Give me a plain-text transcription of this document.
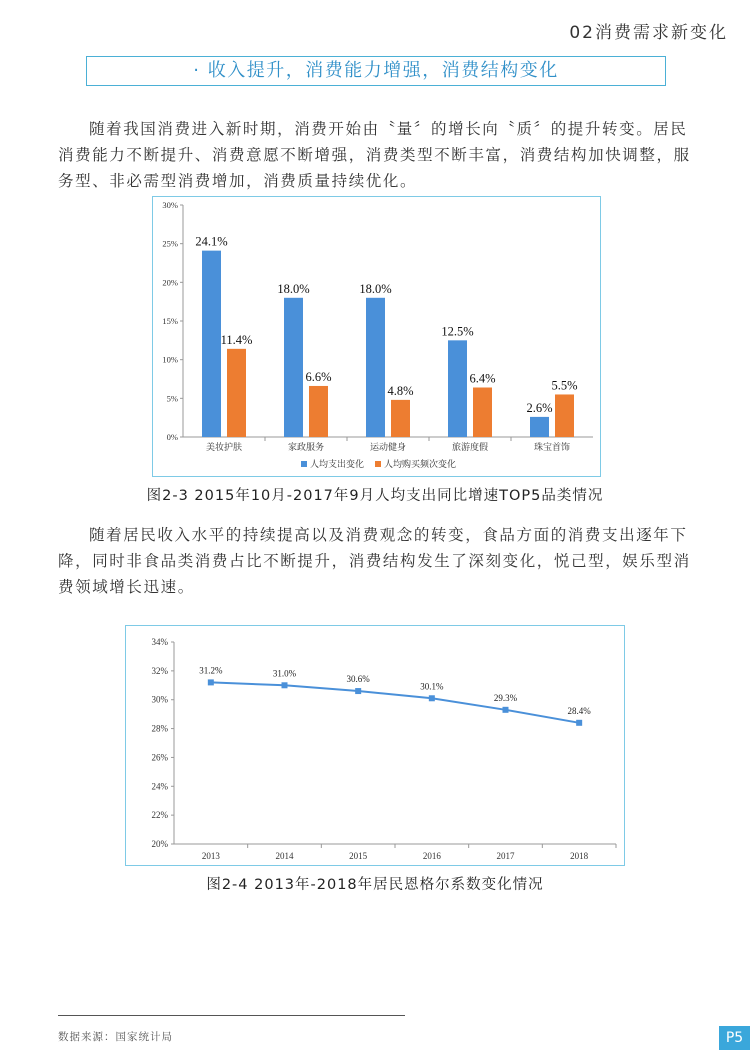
02消费需求新变化
· 收入提升，消费能力增强，消费结构变化

随着我国消费进入新时期，消费开始由〝量〞的增长向〝质〞的提升转变。居民消费能力不断提升、消费意愿不断增强，消费类型不断丰富，消费结构加快调整，服务型、非必需型消费增加，消费质量持续优化。

0%
5%
10%
15%
20%
25%
30%
美妆护肤
24.1%
11.4%
家政服务
18.0%
6.6%
运动健身
18.0%
4.8%
旅游度假
12.5%
6.4%
珠宝首饰
2.6%
5.5%
人均支出变化 人均购买频次变化
图2-3 2015年10月-2017年9月人均支出同比增速TOP5品类情况

随着居民收入水平的持续提高以及消费观念的转变，食品方面的消费支出逐年下降，同时非食品类消费占比不断提升，消费结构发生了深刻变化，悦己型，娱乐型消费领域增长迅速。

20%
22%
24%
26%
28%
30%
32%
34%
2013	2014	2015	2016	2017	2018
31.2%	31.0%
30.6%
30.1%
29.3%
28.4%
图2-4 2013年-2018年居民恩格尔系数变化情况
数据来源：国家统计局	P5
